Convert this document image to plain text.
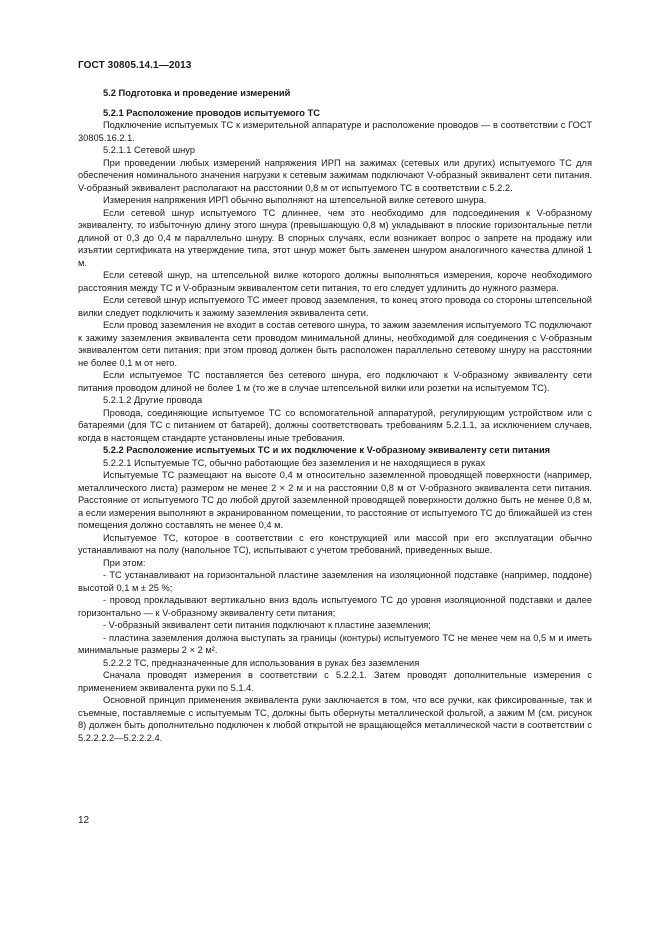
ГОСТ 30805.14.1—2013

5.2 Подготовка и проведение измерений

5.2.1 Расположение проводов испытуемого ТС

Подключение испытуемых ТС к измерительной аппаратуре и расположение проводов — в соответствии с ГОСТ 30805.16.2.1.

5.2.1.1 Сетевой шнур

При проведении любых измерений напряжения ИРП на зажимах (сетевых или других) испытуемого ТС для обеспечения номинального значения нагрузки к сетевым зажимам подключают V-образный эквивалент сети питания. V-образный эквивалент располагают на расстоянии 0,8 м от испытуемого ТС в соответствии с 5.2.2.

Измерения напряжения ИРП обычно выполняют на штепсельной вилке сетевого шнура.

Если сетевой шнур испытуемого ТС длиннее, чем это необходимо для подсоединения к V-образному эквиваленту, то избыточную длину этого шнура (превышающую 0,8 м) укладывают в плоские горизонтальные петли длиной от 0,3 до 0,4 м параллельно шнуру. В спорных случаях, если возникает вопрос о запрете на продажу или изъятии сертификата на утверждение типа, этот шнур может быть заменен шнуром аналогичного качества длиной 1 м.

Если сетевой шнур, на штепсельной вилке которого должны выполняться измерения, короче необходимого расстояния между ТС и V-образным эквивалентом сети питания, то его следует удлинить до нужного размера.

Если сетевой шнур испытуемого ТС имеет провод заземления, то конец этого провода со стороны штепсельной вилки следует подключить к зажиму заземления эквивалента сети.

Если провод заземления не входит в состав сетевого шнура, то зажим заземления испытуемого ТС подключают к зажиму заземления эквивалента сети проводом минимальной длины, необходимой для соединения с V-образным эквивалентом сети питания; при этом провод должен быть расположен параллельно сетевому шнуру на расстоянии не более 0,1 м от него.

Если испытуемое ТС поставляется без сетевого шнура, его подключают к V-образному эквиваленту сети питания проводом длиной не более 1 м (то же в случае штепсельной вилки или розетки на испытуемом ТС).

5.2.1.2 Другие провода

Провода, соединяющие испытуемое ТС со вспомогательной аппаратурой, регулирующим устройством или с батареями (для ТС с питанием от батарей), должны соответствовать требованиям 5.2.1.1, за исключением случаев, когда в настоящем стандарте установлены иные требования.

5.2.2 Расположение испытуемых ТС и их подключение к V-образному эквиваленту сети питания

5.2.2.1 Испытуемые ТС, обычно работающие без заземления и не находящиеся в руках

Испытуемые ТС размещают на высоте 0,4 м относительно заземленной проводящей поверхности (например, металлического листа) размером не менее 2 × 2 м и на расстоянии 0,8 м от V-образного эквивалента сети питания. Расстояние от испытуемого ТС до любой другой заземленной проводящей поверхности должно быть не менее 0,8 м, а если измерения выполняют в экранированном помещении, то расстояние от испытуемого ТС до ближайшей из стен помещения должно составлять не менее 0,4 м.

Испытуемое ТС, которое в соответствии с его конструкцией или массой при его эксплуатации обычно устанавливают на полу (напольное ТС), испытывают с учетом требований, приведенных выше.

При этом:

- ТС устанавливают на горизонтальной пластине заземления на изоляционной подставке (например, поддоне) высотой 0,1 м ± 25 %;

- провод прокладывают вертикально вниз вдоль испытуемого ТС до уровня изоляционной подставки и далее горизонтально — к V-образному эквиваленту сети питания;

- V-образный эквивалент сети питания подключают к пластине заземления;

- пластина заземления должна выступать за границы (контуры) испытуемого ТС не менее чем на 0,5 м и иметь минимальные размеры 2 × 2 м².

5.2.2.2 ТС, предназначенные для использования в руках без заземления

Сначала проводят измерения в соответствии с 5.2.2.1. Затем проводят дополнительные измерения с применением эквивалента руки по 5.1.4.

Основной принцип применения эквивалента руки заключается в том, что все ручки, как фиксированные, так и съемные, поставляемые с испытуемым ТС, должны быть обернуты металлической фольгой, а зажим М (см. рисунок 8) должен быть дополнительно подключен к любой открытой не вращающейся металлической части в соответствии с 5.2.2.2.2—5.2.2.2.4.

12
